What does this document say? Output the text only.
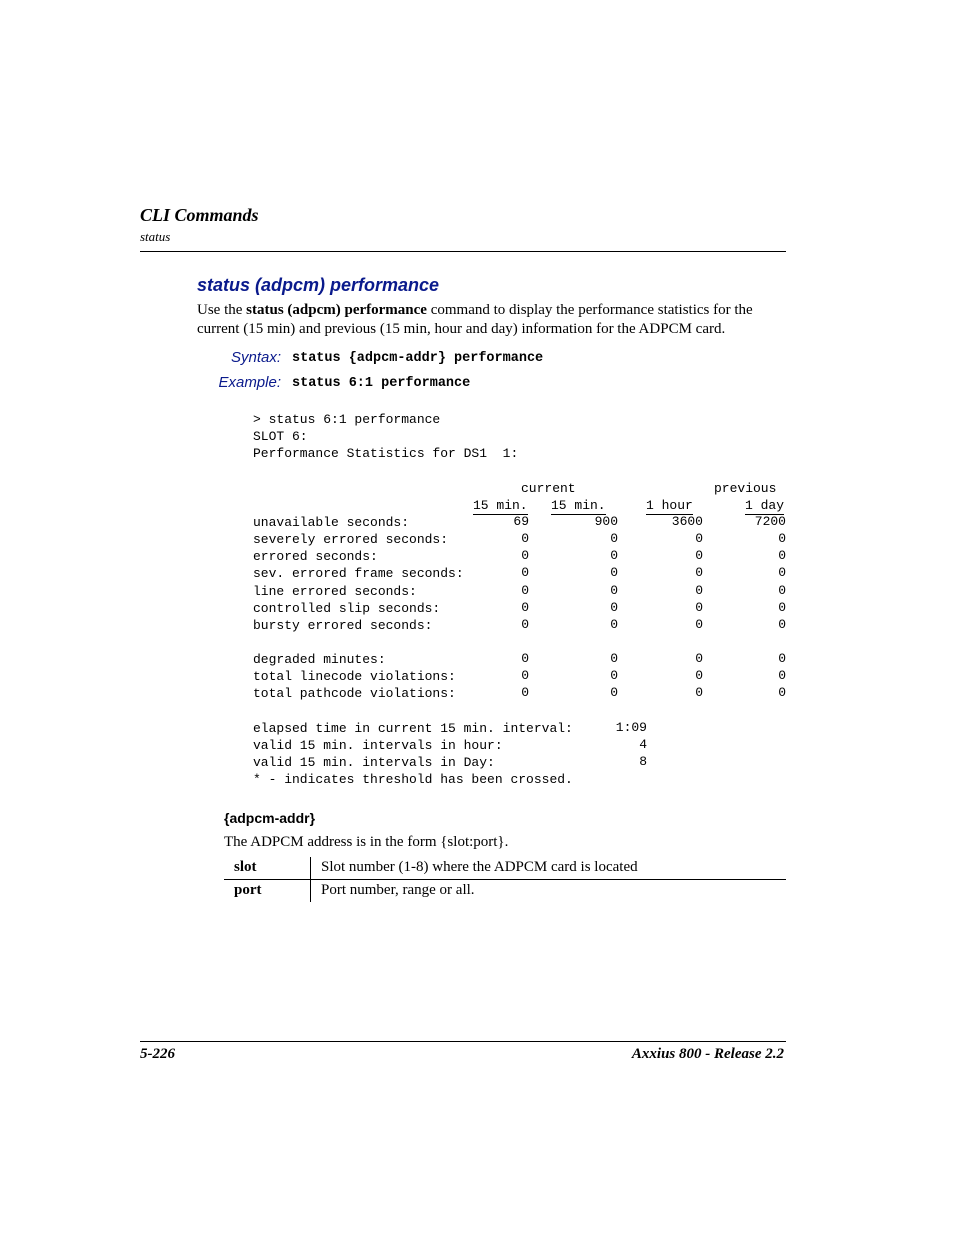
CLI Commands
status
status (adpcm) performance
Use the status (adpcm) performance command to display the performance statistics for the current (15 min) and previous (15 min, hour and day) information for the ADPCM card.
Syntax: status {adpcm-addr} performance
Example: status 6:1 performance
> status 6:1 performance
SLOT 6:
Performance Statistics for DS1  1:
current	previous
15 min. 15 min.	1 hour	1 day
unavailable seconds:	69	900	3600	7200
severely errored seconds:	0	0	0	0
errored seconds:	0	0	0	0
sev. errored frame seconds:	0	0	0	0
line errored seconds:	0	0	0	0
controlled slip seconds:	0	0	0	0
bursty errored seconds:	0	0	0	0
degraded minutes:	0	0	0	0
total linecode violations:	0	0	0	0
total pathcode violations:	0	0	0	0
elapsed time in current 15 min. interval:	1:09
valid 15 min. intervals in hour:	4
valid 15 min. intervals in Day:	8
* - indicates threshold has been crossed.
{adpcm-addr}
The ADPCM address is in the form {slot:port}.
slot	Slot number (1-8) where the ADPCM card is located
port	Port number, range or all.
5-226	Axxius 800 - Release 2.2
